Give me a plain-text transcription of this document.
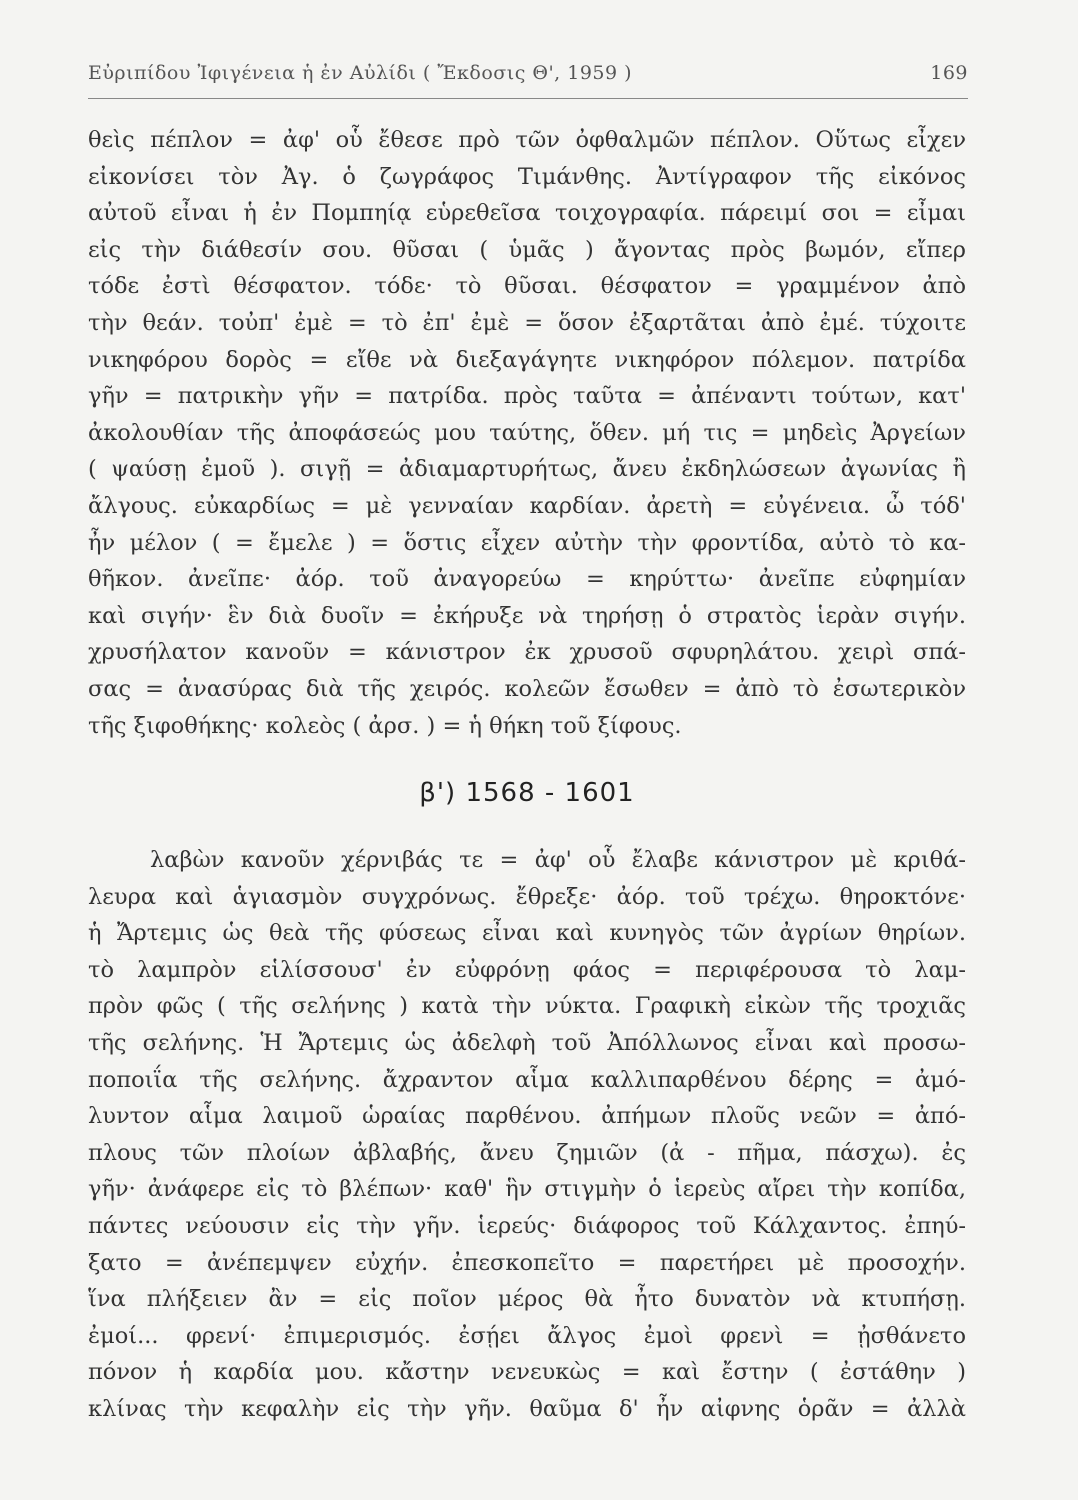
Εὐριπίδου Ἰφιγένεια ἡ ἐν Αὐλίδι ( Ἔκδοσις Θ', 1959 )	169
θεὶς πέπλον = ἀφ' οὗ ἔθεσε πρὸ τῶν ὀφθαλμῶν πέπλον. Οὕτως εἶχεν
εἰκονίσει τὸν Ἀγ. ὁ ζωγράφος Τιμάνθης. Ἀντίγραφον τῆς εἰκόνος
αὐτοῦ εἶναι ἡ ἐν Πομπηίᾳ εὑρεθεῖσα τοιχογραφία. πάρειμί σοι = εἶμαι
εἰς τὴν διάθεσίν σου. θῦσαι ( ὑμᾶς ) ἄγοντας πρὸς βωμόν, εἴπερ
τόδε ἐστὶ θέσφατον. τόδε· τὸ θῦσαι. θέσφατον = γραμμένον ἀπὸ
τὴν θεάν. τοὐπ' ἐμὲ = τὸ ἐπ' ἐμὲ = ὅσον ἐξαρτᾶται ἀπὸ ἐμέ. τύχοιτε
νικηφόρου δορὸς = εἴθε νὰ διεξαγάγητε νικηφόρον πόλεμον. πατρίδα
γῆν = πατρικὴν γῆν = πατρίδα. πρὸς ταῦτα = ἀπέναντι τούτων, κατ'
ἀκολουθίαν τῆς ἀποφάσεώς μου ταύτης, ὅθεν. μή τις = μηδεὶς Ἀργείων
( ψαύσῃ ἐμοῦ ). σιγῇ = ἀδιαμαρτυρήτως, ἄνευ ἐκδηλώσεων ἀγωνίας ἢ
ἄλγους. εὐκαρδίως = μὲ γενναίαν καρδίαν. ἀρετὴ = εὐγένεια. ὦ τόδ'
ἦν μέλον ( = ἔμελε ) = ὅστις εἶχεν αὐτὴν τὴν φροντίδα, αὐτὸ τὸ κα-
θῆκον. ἀνεῖπε· ἀόρ. τοῦ ἀναγορεύω = κηρύττω· ἀνεῖπε εὐφημίαν
καὶ σιγήν· ἓν διὰ δυοῖν = ἐκήρυξε νὰ τηρήσῃ ὁ στρατὸς ἱερὰν σιγήν.
χρυσήλατον κανοῦν = κάνιστρον ἐκ χρυσοῦ σφυρηλάτου. χειρὶ σπά-
σας = ἀνασύρας διὰ τῆς χειρός. κολεῶν ἔσωθεν = ἀπὸ τὸ ἐσωτερικὸν
τῆς ξιφοθήκης· κολεὸς ( ἀρσ. ) = ἡ θήκη τοῦ ξίφους.
β') 1568 - 1601
λαβὼν κανοῦν χέρνιβάς τε = ἀφ' οὗ ἔλαβε κάνιστρον μὲ κριθά-
λευρα καὶ ἁγιασμὸν συγχρόνως. ἔθρεξε· ἀόρ. τοῦ τρέχω. θηροκτόνε·
ἡ Ἄρτεμις ὡς θεὰ τῆς φύσεως εἶναι καὶ κυνηγὸς τῶν ἀγρίων θηρίων.
τὸ λαμπρὸν εἱλίσσουσ' ἐν εὐφρόνῃ φάος = περιφέρουσα τὸ λαμ-
πρὸν φῶς ( τῆς σελήνης ) κατὰ τὴν νύκτα. Γραφικὴ εἰκὼν τῆς τροχιᾶς
τῆς σελήνης. Ἡ Ἄρτεμις ὡς ἀδελφὴ τοῦ Ἀπόλλωνος εἶναι καὶ προσω-
ποποιΐα τῆς σελήνης. ἄχραντον αἷμα καλλιπαρθένου δέρης = ἀμό-
λυντον αἷμα λαιμοῦ ὡραίας παρθένου. ἀπήμων πλοῦς νεῶν = ἀπό-
πλους τῶν πλοίων ἀβλαβής, ἄνευ ζημιῶν (ἀ - πῆμα, πάσχω). ἐς
γῆν· ἀνάφερε εἰς τὸ βλέπων· καθ' ἣν στιγμὴν ὁ ἱερεὺς αἴρει τὴν κοπίδα,
πάντες νεύουσιν εἰς τὴν γῆν. ἱερεύς· διάφορος τοῦ Κάλχαντος. ἐπηύ-
ξατο = ἀνέπεμψεν εὐχήν. ἐπεσκοπεῖτο = παρετήρει μὲ προσοχήν.
ἵνα πλήξειεν ἂν = εἰς ποῖον μέρος θὰ ἦτο δυνατὸν νὰ κτυπήσῃ.
ἐμοί... φρενί· ἐπιμερισμός. ἐσῄει ἄλγος ἐμοὶ φρενὶ = ᾐσθάνετο
πόνον ἡ καρδία μου. κἄστην νενευκὼς = καὶ ἔστην ( ἐστάθην )
κλίνας τὴν κεφαλὴν εἰς τὴν γῆν. θαῦμα δ' ἦν αἰφνης ὁρᾶν = ἀλλὰ
